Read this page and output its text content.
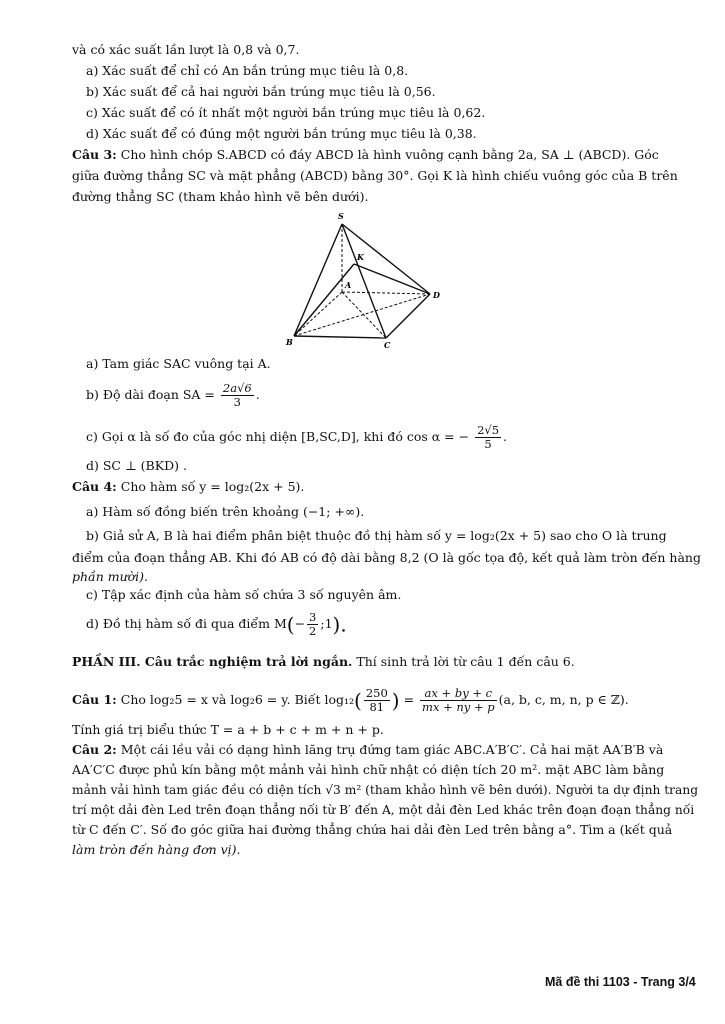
và có xác suất lần lượt là 0,8 và 0,7.
a) Xác suất để chỉ có An bắn trúng mục tiêu là 0,8.
b) Xác suất để cả hai người bắn trúng mục tiêu là 0,56.
c) Xác suất để có ít nhất một người bắn trúng mục tiêu là 0,62.
d) Xác suất để có đúng một người bắn trúng mục tiêu là 0,38.
Câu 3: Cho hình chóp S.ABCD có đáy ABCD là hình vuông cạnh bằng 2a, SA ⊥ (ABCD). Góc
giữa đường thẳng SC và mặt phẳng (ABCD) bằng 30°. Gọi K là hình chiếu vuông góc của B trên
đường thẳng SC (tham khảo hình vẽ bên dưới).
S
K
A
D
B	C
a) Tam giác SAC vuông tại A.
b) Độ dài đoạn SA = $\frac{2a√6}{3}$ .
c) Gọi α là số đo của góc nhị diện [B,SC,D], khi đó cos α = − $\frac{2√5}{5}$ .
d) SC ⊥ (BKD) .
Câu 4: Cho hàm số y = log₂(2x + 5).
a) Hàm số đồng biến trên khoảng (−1; +∞).
b) Giả sử A, B là hai điểm phân biệt thuộc đồ thị hàm số y = log₂(2x + 5) sao cho O là trung
điểm của đoạn thẳng AB. Khi đó AB có độ dài bằng 8,2 (O là gốc tọa độ, kết quả làm tròn đến hàng
phần mười).
c) Tập xác định của hàm số chứa 3 số nguyên âm.
d) Đồ thị hàm số đi qua điểm $M(- \frac{3}{2}$ ;1).
PHẦN III. Câu trắc nghiệm trả lời ngắn. Thí sinh trả lời từ câu 1 đến câu 6.
Câu 1: Cho log₂5 = x và log₂6 = y. Biết $\log_{12}( \frac{250}{81}$ ) = $\frac{ax + by + c}{mx + ny + p} (a$, b, c, m, n, p ∈ ℤ).
Tính giá trị biểu thức T = a + b + c + m + n + p.
Câu 2: Một cái lều vải có dạng hình lăng trụ đứng tam giác ABC.A′B′C′. Cả hai mặt AA′B′B và
AA′C′C được phủ kín bằng một mảnh vải hình chữ nhật có diện tích 20 m². mặt ABC làm bằng
mảnh vải hình tam giác đều có diện tích √3 m² (tham khảo hình vẽ bên dưới). Người ta dự định trang
trí một dải đèn Led trên đoạn thẳng nối từ B′ đến A, một dải đèn Led khác trên đoạn đoạn thẳng nối
từ C đến C′. Số đo góc giữa hai đường thẳng chứa hai dải đèn Led trên bằng a°. Tìm a (kết quả
làm tròn đến hàng đơn vị).
Mã đề thi 1103 - Trang 3/4
